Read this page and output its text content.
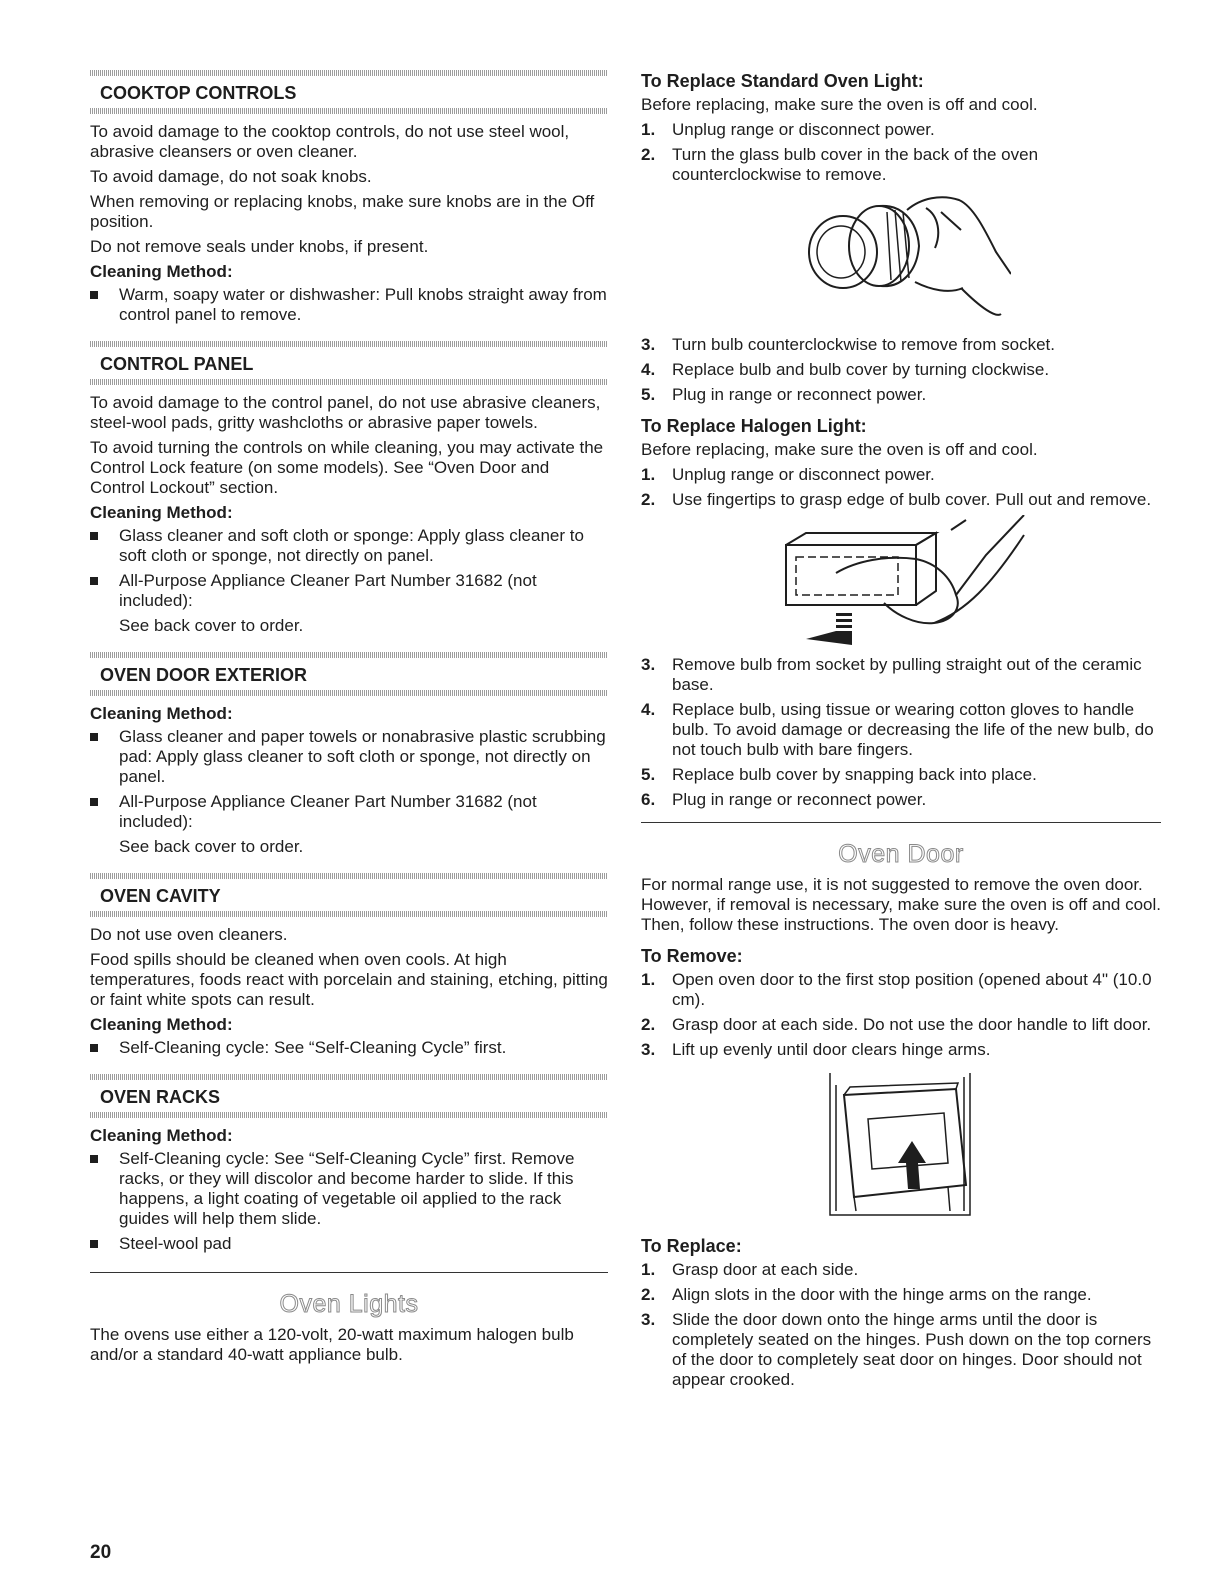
COOKTOP CONTROLS

To avoid damage to the cooktop controls, do not use steel wool, abrasive cleansers or oven cleaner.

To avoid damage, do not soak knobs.

When removing or replacing knobs, make sure knobs are in the Off position.

Do not remove seals under knobs, if present.

Cleaning Method:
Warm, soapy water or dishwasher: Pull knobs straight away from control panel to remove.
CONTROL PANEL

To avoid damage to the control panel, do not use abrasive cleaners, steel-wool pads, gritty washcloths or abrasive paper towels.

To avoid turning the controls on while cleaning, you may activate the Control Lock feature (on some models). See “Oven Door and Control Lockout” section.

Cleaning Method:
Glass cleaner and soft cloth or sponge: Apply glass cleaner to soft cloth or sponge, not directly on panel.
All-Purpose Appliance Cleaner Part Number 31682 (not included):
See back cover to order.
OVEN DOOR EXTERIOR
Cleaning Method:
Glass cleaner and paper towels or nonabrasive plastic scrubbing pad: Apply glass cleaner to soft cloth or sponge, not directly on panel.
All-Purpose Appliance Cleaner Part Number 31682 (not included):
See back cover to order.
OVEN CAVITY

Do not use oven cleaners.

Food spills should be cleaned when oven cools. At high temperatures, foods react with porcelain and staining, etching, pitting or faint white spots can result.

Cleaning Method:
Self-Cleaning cycle: See “Self-Cleaning Cycle” first.
OVEN RACKS
Cleaning Method:
Self-Cleaning cycle: See “Self-Cleaning Cycle” first. Remove racks, or they will discolor and become harder to slide. If this happens, a light coating of vegetable oil applied to the rack guides will help them slide.
Steel-wool pad
Oven Lights

The ovens use either a 120-volt, 20-watt maximum halogen bulb and/or a standard 40-watt appliance bulb.

To Replace Standard Oven Light:

Before replacing, make sure the oven is off and cool.

1. Unplug range or disconnect power.
2. Turn the glass bulb cover in the back of the oven counterclockwise to remove.
3. Turn bulb counterclockwise to remove from socket.
4. Replace bulb and bulb cover by turning clockwise.
5. Plug in range or reconnect power.
To Replace Halogen Light:

Before replacing, make sure the oven is off and cool.

1. Unplug range or disconnect power.
2. Use fingertips to grasp edge of bulb cover. Pull out and remove.
3. Remove bulb from socket by pulling straight out of the ceramic base.
4. Replace bulb, using tissue or wearing cotton gloves to handle bulb. To avoid damage or decreasing the life of the new bulb, do not touch bulb with bare fingers.
5. Replace bulb cover by snapping back into place.
6. Plug in range or reconnect power.
Oven Door

For normal range use, it is not suggested to remove the oven door. However, if removal is necessary, make sure the oven is off and cool. Then, follow these instructions. The oven door is heavy.

To Remove:
1. Open oven door to the first stop position (opened about 4" (10.0 cm).
2. Grasp door at each side. Do not use the door handle to lift door.
3. Lift up evenly until door clears hinge arms.
To Replace:
1. Grasp door at each side.
2. Align slots in the door with the hinge arms on the range.
3. Slide the door down onto the hinge arms until the door is completely seated on the hinges. Push down on the top corners of the door to completely seat door on hinges. Door should not appear crooked.
20
